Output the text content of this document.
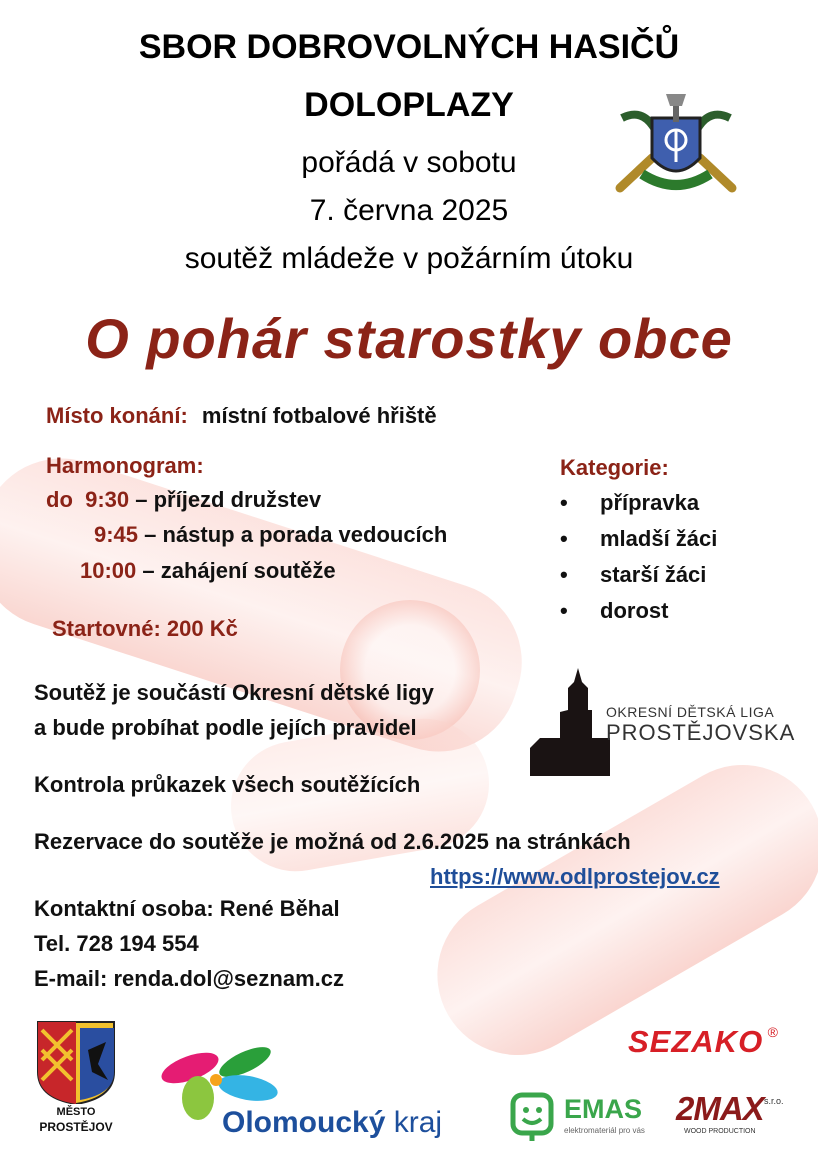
SBOR DOBROVOLNÝCH HASIČŮ
DOLOPLAZY
pořádá v sobotu
7. června 2025
soutěž mládeže v požárním útoku
O pohár starostky obce
Místo konání: místní fotbalové hřiště
Harmonogram:
do  9:30 – příjezd družstev
9:45 – nástup a porada vedoucích
10:00 – zahájení soutěže
Startovné: 200 Kč
Kategorie:
• přípravka
• mladší žáci
• starší žáci
• dorost
Soutěž je součástí Okresní dětské ligy
a bude probíhat podle jejích pravidel
OKRESNÍ DĚTSKÁ LIGA
PROSTĚJOVSKA
Kontrola průkazek všech soutěžících
Rezervace do soutěže je možná od 2.6.2025 na stránkách
https://www.odlprostejov.cz
Kontaktní osoba: René Běhal
Tel. 728 194 554
E-mail: renda.dol@seznam.cz
MĚSTO
PROSTĚJOV	Olomoucký kraj
SEZAKO ®
EMAS
elektromateriál pro vás
2MAX s.r.o.
WOOD PRODUCTION
